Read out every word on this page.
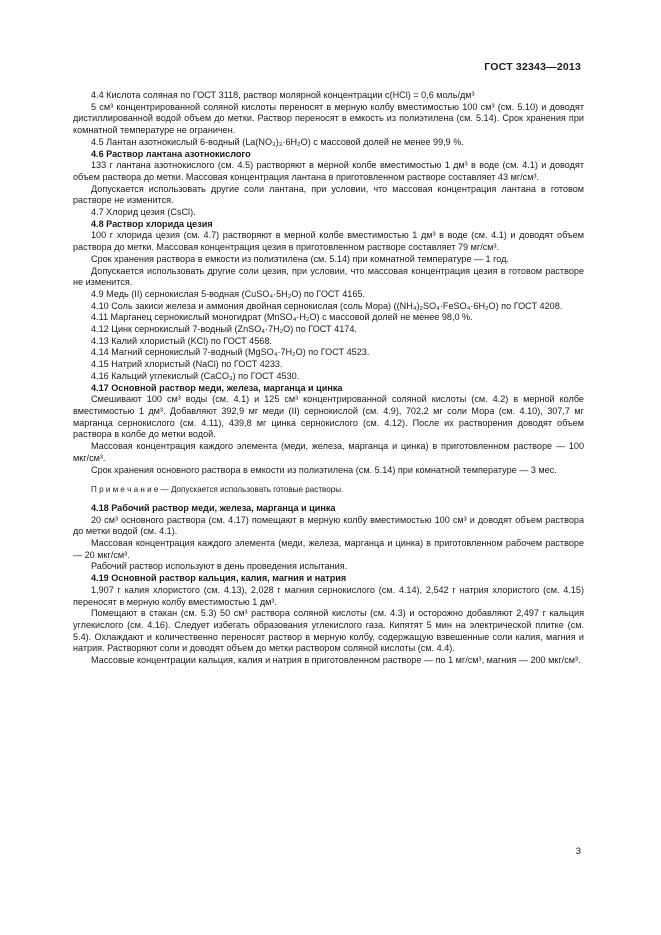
ГОСТ 32343—2013

4.4 Кислота соляная по ГОСТ 3118, раствор молярной концентрации с(HCl) = 0,6 моль/дм³

5 см³ концентрированной соляной кислоты переносят в мерную колбу вместимостью 100 см³ (см. 5.10) и доводят дистиллированной водой объем до метки. Раствор переносят в емкость из полиэтилена (см. 5.14). Срок хранения при комнатной температуре не ограничен.

4.5 Лантан азотнокислый 6-водный (La(NO₃)₃·6H₂O) с массовой долей не менее 99,9 %.

4.6 Раствор лантана азотнокислого

133 г лантана азотнокислого (см. 4.5) растворяют в мерной колбе вместимостью 1 дм³ в воде (см. 4.1) и доводят объем раствора до метки. Массовая концентрация лантана в приготовленном растворе составляет 43 мг/см³.

Допускается использовать другие соли лантана, при условии, что массовая концентрация лантана в готовом растворе не изменится.

4.7 Хлорид цезия (CsCl).

4.8 Раствор хлорида цезия

100 г хлорида цезия (см. 4.7) растворяют в мерной колбе вместимостью 1 дм³ в воде (см. 4.1) и доводят объем раствора до метки. Массовая концентрация цезия в приготовленном растворе составляет 79 мг/см³.

Срок хранения раствора в емкости из полиэтилена (см. 5.14) при комнатной температуре — 1 год.

Допускается использовать другие соли цезия, при условии, что массовая концентрация цезия в готовом растворе не изменится.

4.9 Медь (II) сернокислая 5-водная (CuSO₄·5H₂O) по ГОСТ 4165.

4.10 Соль закиси железа и аммония двойная сернокислая (соль Мора) ((NH₄)₂SO₄·FeSO₄·6H₂O) по ГОСТ 4208.

4.11 Марганец сернокислый моногидрат (MnSO₄·H₂O) с массовой долей не менее 98,0 %.

4.12 Цинк сернокислый 7-водный (ZnSO₄·7H₂O) по ГОСТ 4174.

4.13 Калий хлористый (KCl) по ГОСТ 4568.

4.14 Магний сернокислый 7-водный (MgSO₄·7H₂O) по ГОСТ 4523.

4.15 Натрий хлористый (NaCl) по ГОСТ 4233.

4.16 Кальций углекислый (CaCO₃) по ГОСТ 4530.

4.17 Основной раствор меди, железа, марганца и цинка

Смешивают 100 см³ воды (см. 4.1) и 125 см³ концентрированной соляной кислоты (см. 4.2) в мерной колбе вместимостью 1 дм³. Добавляют 392,9 мг меди (II) сернокислой (см. 4.9), 702,2 мг соли Мора (см. 4.10), 307,7 мг марганца сернокислого (см. 4.11), 439,8 мг цинка сернокислого (см. 4.12). После их растворения доводят объем раствора в колбе до метки водой.

Массовая концентрация каждого элемента (меди, железа, марганца и цинка) в приготовленном растворе — 100 мкг/см³.

Срок хранения основного раствора в емкости из полиэтилена (см. 5.14) при комнатной температуре — 3 мес.

П р и м е ч а н и е — Допускается использовать готовые растворы.

4.18 Рабочий раствор меди, железа, марганца и цинка

20 см³ основного раствора (см. 4.17) помещают в мерную колбу вместимостью 100 см³ и доводят объем раствора до метки водой (см. 4.1).

Массовая концентрация каждого элемента (меди, железа, марганца и цинка) в приготовленном рабочем растворе — 20 мкг/см³.

Рабочий раствор используют в день проведения испытания.

4.19 Основной раствор кальция, калия, магния и натрия

1,907 г калия хлористого (см. 4.13), 2,028 г магния сернокислого (см. 4.14), 2,542 г натрия хлористого (см. 4.15) переносят в мерную колбу вместимостью 1 дм³.

Помещают в стакан (см. 5.3) 50 см³ раствора соляной кислоты (см. 4.3) и осторожно добавляют 2,497 г кальция углекислого (см. 4.16). Следует избегать образования углекислого газа. Кипятят 5 мин на электрической плитке (см. 5.4). Охлаждают и количественно переносят раствор в мерную колбу, содержащую взвешенные соли калия, магния и натрия. Растворяют соли и доводят объем до метки раствором соляной кислоты (см. 4.4).

Массовые концентрации кальция, калия и натрия в приготовленном растворе — по 1 мг/см³, магния — 200 мкг/см³.

3
